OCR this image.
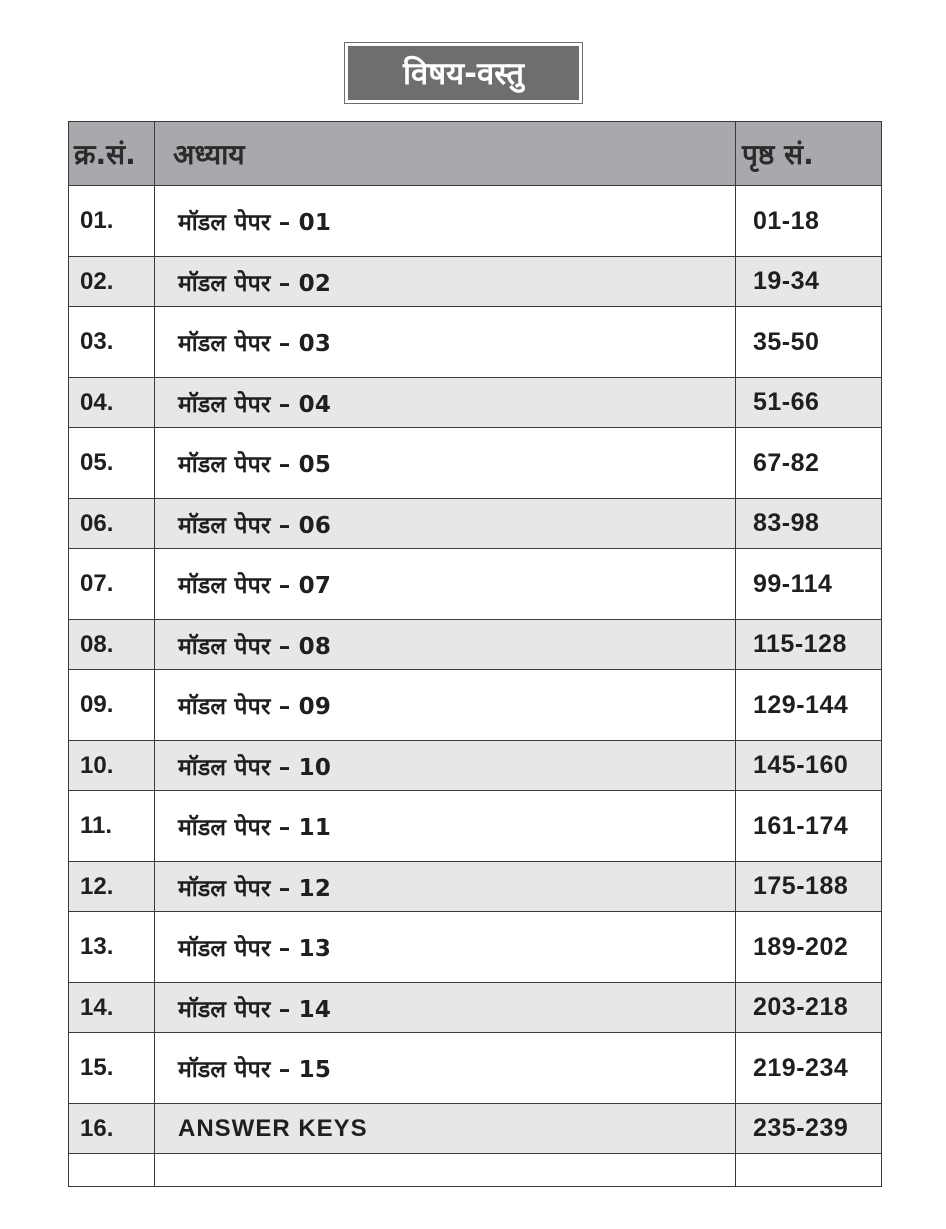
विषय-वस्तु
क्र.सं.	अध्याय	पृष्ठ सं.
01.	मॉडल पेपर – 01	01-18
02.	मॉडल पेपर – 02	19-34
03.	मॉडल पेपर – 03	35-50
04.	मॉडल पेपर – 04	51-66
05.	मॉडल पेपर – 05	67-82
06.	मॉडल पेपर – 06	83-98
07.	मॉडल पेपर – 07	99-114
08.	मॉडल पेपर – 08	115-128
09.	मॉडल पेपर – 09	129-144
10.	मॉडल पेपर – 10	145-160
11.	मॉडल पेपर – 11	161-174
12.	मॉडल पेपर – 12	175-188
13.	मॉडल पेपर – 13	189-202
14.	मॉडल पेपर – 14	203-218
15.	मॉडल पेपर – 15	219-234
16.	ANSWER KEYS	235-239
